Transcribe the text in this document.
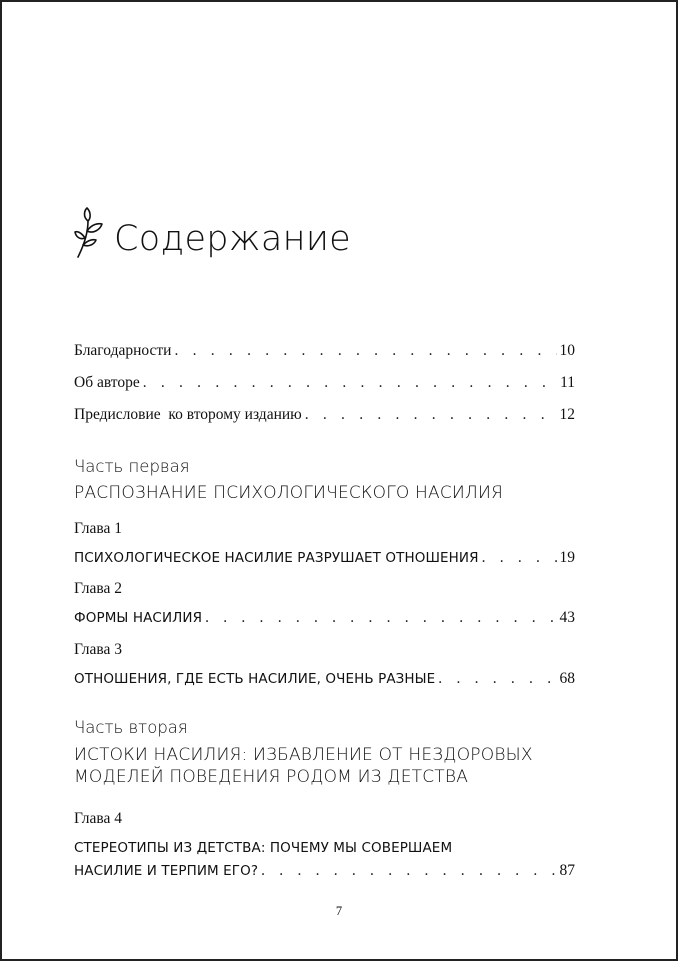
Содержание
Благодарности . . .	10
Об авторе . . .	11
Предисловие  ко второму изданию . . .	12
Часть первая
РАСПОЗНАНИЕ ПСИХОЛОГИЧЕСКОГО НАСИЛИЯ
Глава 1
ПСИХОЛОГИЧЕСКОЕ НАСИЛИЕ РАЗРУШАЕТ ОТНОШЕНИЯ . . .	19
Глава 2
ФОРМЫ НАСИЛИЯ . . .	43
Глава 3
ОТНОШЕНИЯ, ГДЕ ЕСТЬ НАСИЛИЕ, ОЧЕНЬ РАЗНЫЕ . . .	68
Часть вторая
ИСТОКИ НАСИЛИЯ: ИЗБАВЛЕНИЕ ОТ НЕЗДОРОВЫХ
МОДЕЛЕЙ ПОВЕДЕНИЯ РОДОМ ИЗ ДЕТСТВА
Глава 4
СТЕРЕОТИПЫ ИЗ ДЕТСТВА: ПОЧЕМУ МЫ СОВЕРШАЕМ
НАСИЛИЕ И ТЕРПИМ ЕГО? . . .	87
7
